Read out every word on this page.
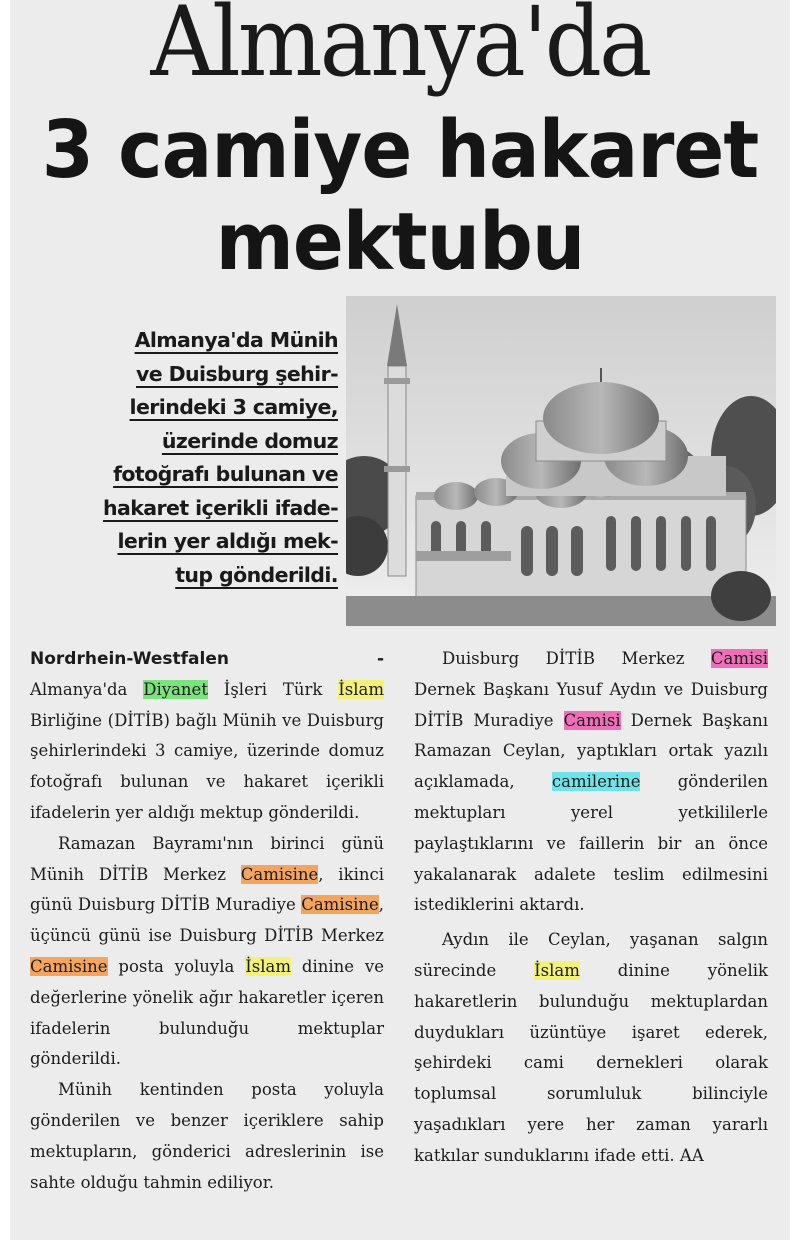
Almanya'da
3 camiye hakaret mektubu
Almanya'da Münih
ve Duisburg şehir-
lerindeki 3 camiye,
üzerinde domuz
fotoğrafı bulunan ve
hakaret içerikli ifade-
lerin yer aldığı mek-
tup gönderildi.

Nordrhein-Westfalen	-

Almanya'da Diyanet İşleri Türk İslam Birliğine (DİTİB) bağlı Münih ve Duisburg şehirlerindeki 3 camiye, üzerinde domuz fotoğrafı bulunan ve hakaret içerikli ifadelerin yer aldığı mektup gönderildi.

Ramazan Bayramı'nın birinci günü Münih DİTİB Merkez Camisine, ikinci günü Duisburg DİTİB Muradiye Camisine, üçüncü günü ise Duisburg DİTİB Merkez Camisine posta yoluyla İslam dinine ve değerlerine yönelik ağır hakaretler içeren ifadelerin bulunduğu mektuplar gönderildi.

Münih kentinden posta yoluyla gönderilen ve benzer içeriklere sahip mektupların, gönderici adreslerinin ise sahte olduğu tahmin ediliyor.

Duisburg DİTİB Merkez Camisi Dernek Başkanı Yusuf Aydın ve Duisburg DİTİB Muradiye Camisi Dernek Başkanı Ramazan Ceylan, yaptıkları ortak yazılı açıklamada, camilerine gönderilen mektupları yerel yetkililerle paylaştıklarını ve faillerin bir an önce yakalanarak adalete teslim edilmesini istediklerini aktardı.

Aydın ile Ceylan, yaşanan salgın sürecinde İslam dinine yönelik hakaretlerin bulunduğu mektuplardan duydukları üzüntüye işaret ederek, şehirdeki cami dernekleri olarak toplumsal sorumluluk bilinciyle yaşadıkları yere her zaman yararlı katkılar sunduklarını ifade etti. AA
